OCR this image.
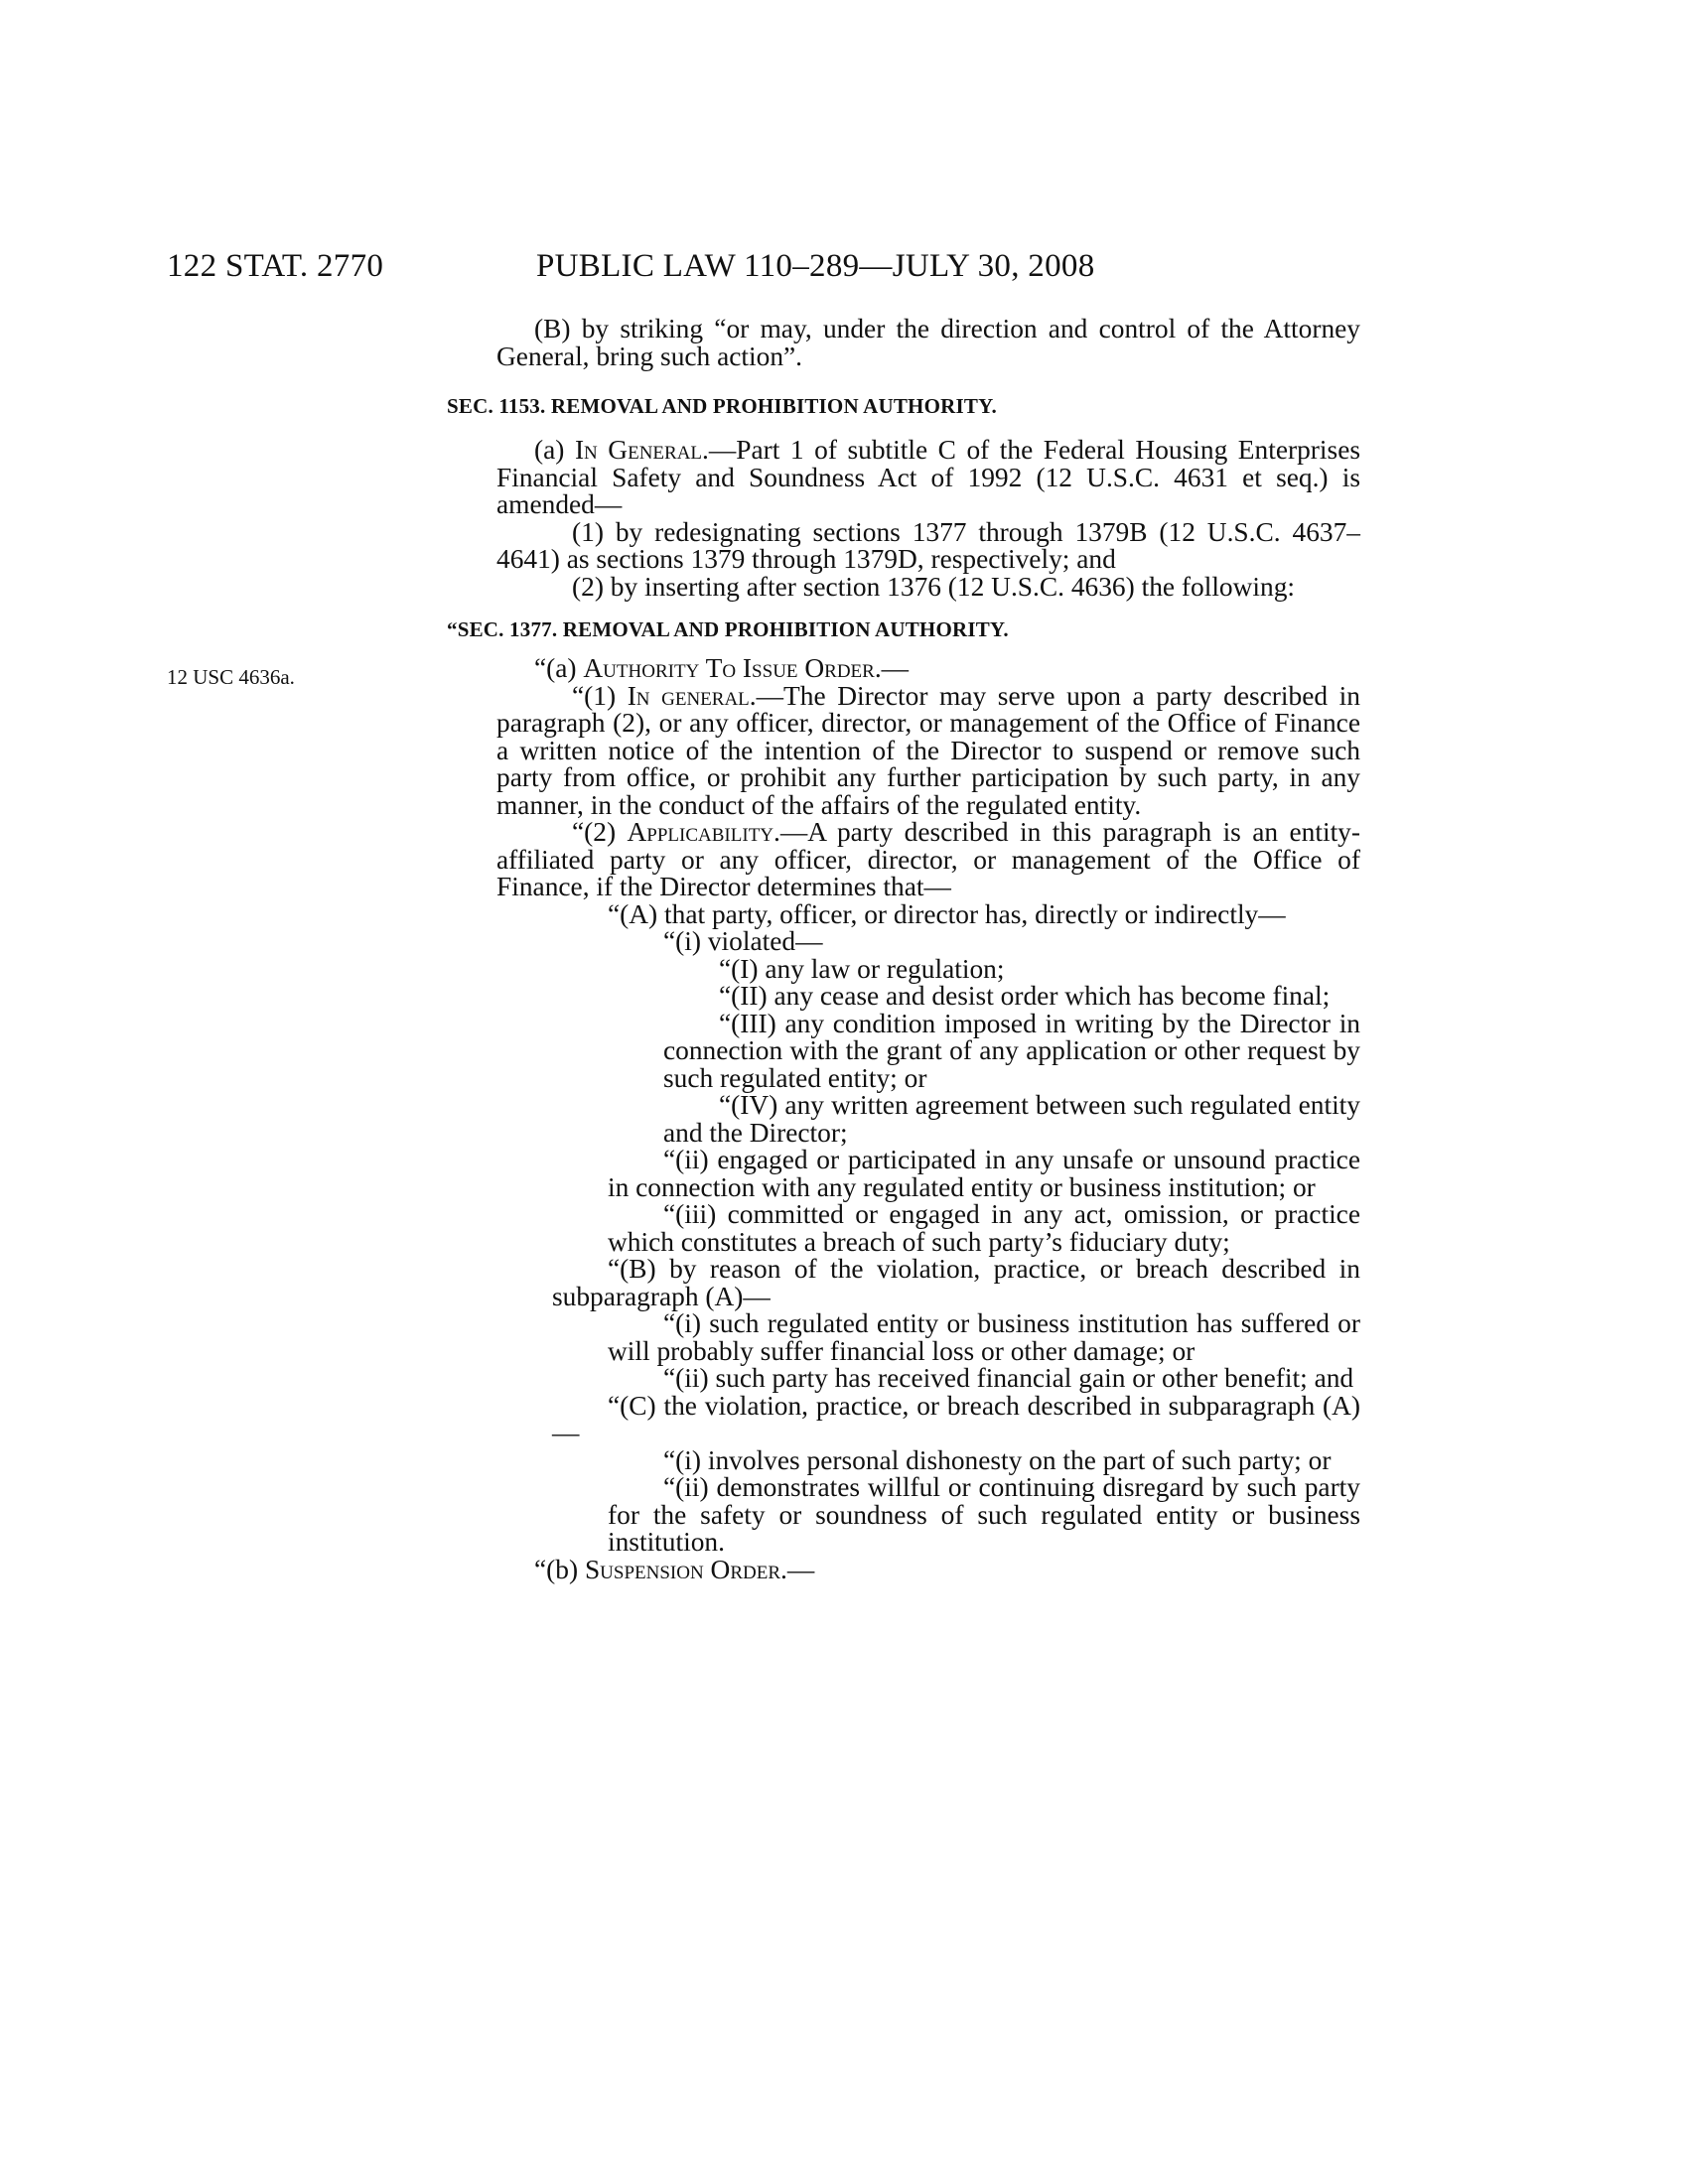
122 STAT. 2770	PUBLIC LAW 110–289—JULY 30, 2008
12 USC 4636a.

(B) by striking “or may, under the direction and control of the Attorney General, bring such action”.

SEC. 1153. REMOVAL AND PROHIBITION AUTHORITY.

(a) In General.—Part 1 of subtitle C of the Federal Housing Enterprises Financial Safety and Soundness Act of 1992 (12 U.S.C. 4631 et seq.) is amended—

(1) by redesignating sections 1377 through 1379B (12 U.S.C. 4637–4641) as sections 1379 through 1379D, respectively; and

(2) by inserting after section 1376 (12 U.S.C. 4636) the following:

“SEC. 1377. REMOVAL AND PROHIBITION AUTHORITY.

“(a) Authority To Issue Order.—

“(1) In general.—The Director may serve upon a party described in paragraph (2), or any officer, director, or management of the Office of Finance a written notice of the intention of the Director to suspend or remove such party from office, or prohibit any further participation by such party, in any manner, in the conduct of the affairs of the regulated entity.

“(2) Applicability.—A party described in this paragraph is an entity-affiliated party or any officer, director, or management of the Office of Finance, if the Director determines that—

“(A) that party, officer, or director has, directly or indirectly—

“(i) violated—

“(I) any law or regulation;

“(II) any cease and desist order which has become final;

“(III) any condition imposed in writing by the Director in connection with the grant of any application or other request by such regulated entity; or

“(IV) any written agreement between such regulated entity and the Director;

“(ii) engaged or participated in any unsafe or unsound practice in connection with any regulated entity or business institution; or

“(iii) committed or engaged in any act, omission, or practice which constitutes a breach of such party’s fiduciary duty;

“(B) by reason of the violation, practice, or breach described in subparagraph (A)—

“(i) such regulated entity or business institution has suffered or will probably suffer financial loss or other damage; or

“(ii) such party has received financial gain or other benefit; and

“(C) the violation, practice, or breach described in subparagraph (A)—

“(i) involves personal dishonesty on the part of such party; or

“(ii) demonstrates willful or continuing disregard by such party for the safety or soundness of such regulated entity or business institution.

“(b) Suspension Order.—
